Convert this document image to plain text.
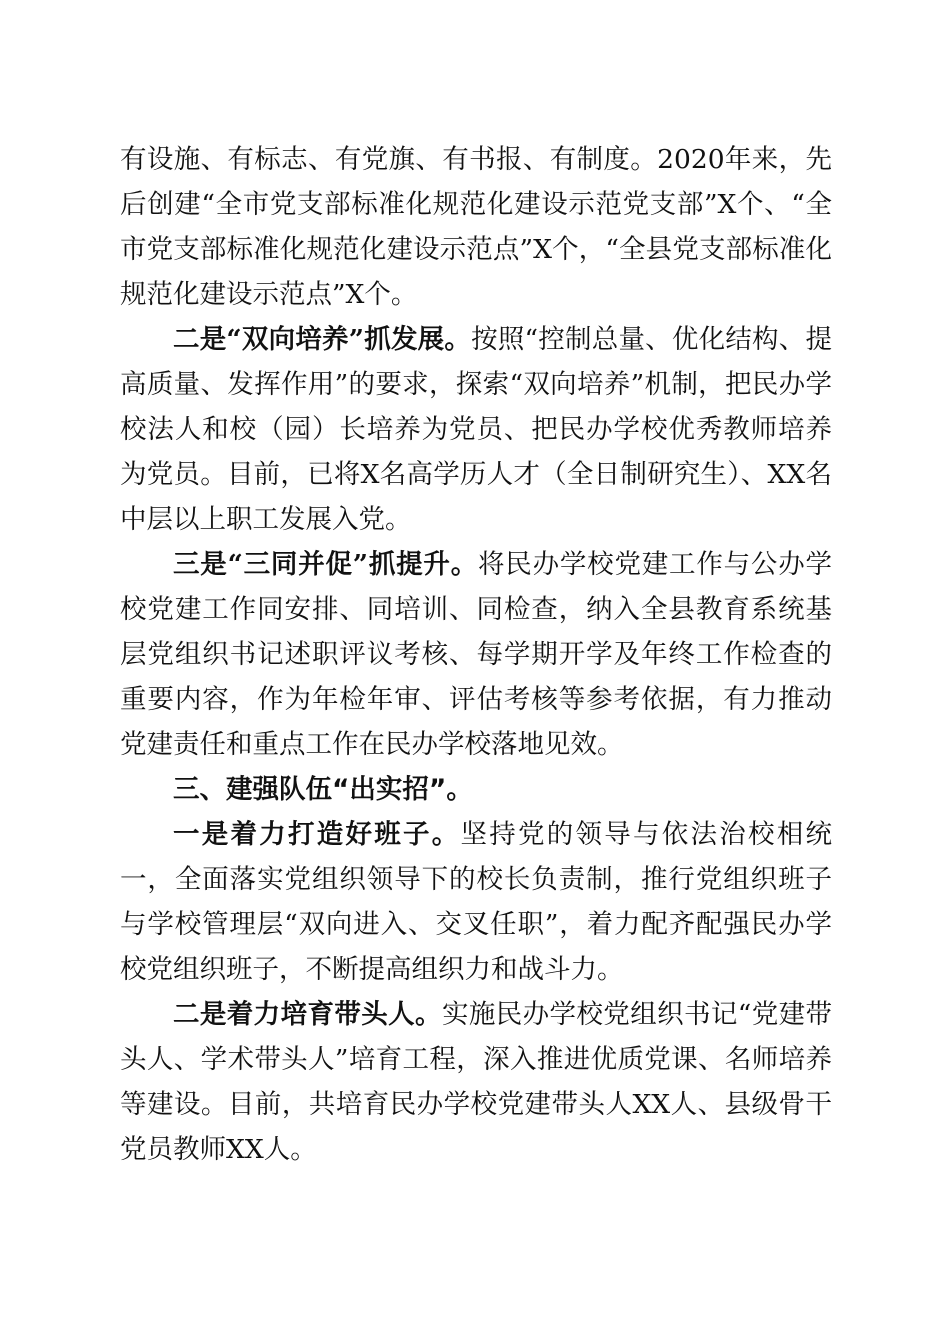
有设施、有标志、有党旗、有书报、有制度。2020年来，先后创建“全市党支部标准化规范化建设示范党支部”X个、“全市党支部标准化规范化建设示范点”X个，“全县党支部标准化规范化建设示范点”X个。

二是“双向培养”抓发展。按照“控制总量、优化结构、提高质量、发挥作用”的要求，探索“双向培养”机制，把民办学校法人和校（园）长培养为党员、把民办学校优秀教师培养为党员。目前，已将X名高学历人才（全日制研究生）、XX名中层以上职工发展入党。

三是“三同并促”抓提升。将民办学校党建工作与公办学校党建工作同安排、同培训、同检查，纳入全县教育系统基层党组织书记述职评议考核、每学期开学及年终工作检查的重要内容，作为年检年审、评估考核等参考依据，有力推动党建责任和重点工作在民办学校落地见效。

三、建强队伍“出实招”。

一是着力打造好班子。坚持党的领导与依法治校相统一，全面落实党组织领导下的校长负责制，推行党组织班子与学校管理层“双向进入、交叉任职”，着力配齐配强民办学校党组织班子，不断提高组织力和战斗力。

二是着力培育带头人。实施民办学校党组织书记“党建带头人、学术带头人”培育工程，深入推进优质党课、名师培养等建设。目前，共培育民办学校党建带头人XX人、县级骨干党员教师XX人。
